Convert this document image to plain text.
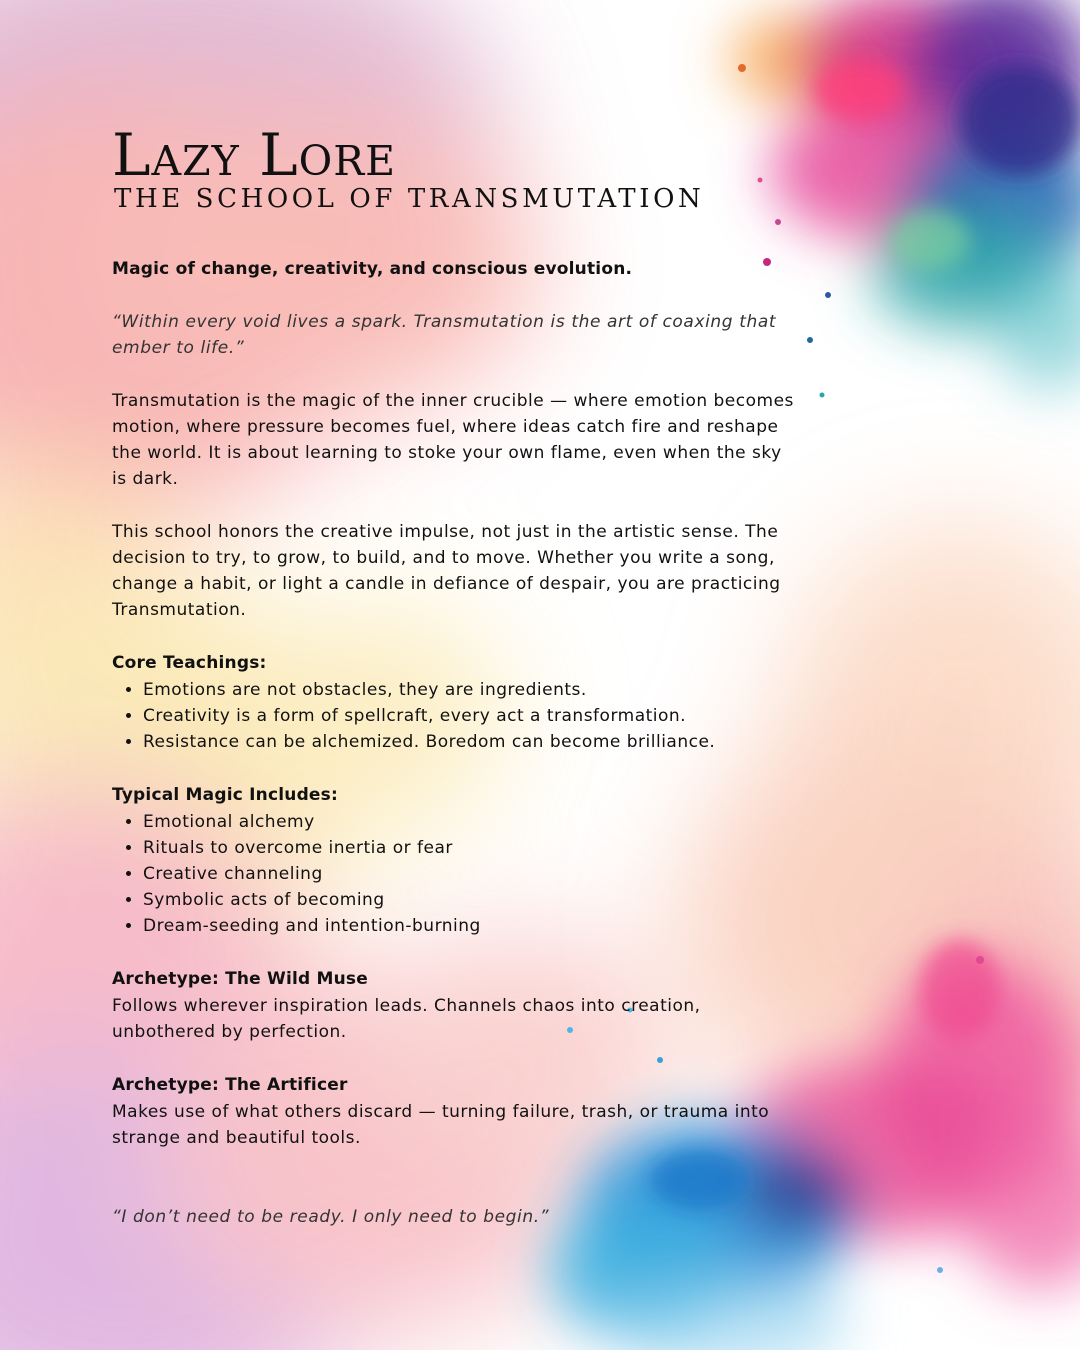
Lazy Lore
THE SCHOOL OF TRANSMUTATION

Magic of change, creativity, and conscious evolution.

“Within every void lives a spark. Transmutation is the art of coaxing that ember to life.”

Transmutation is the magic of the inner crucible — where emotion becomes motion, where pressure becomes fuel, where ideas catch fire and reshape the world. It is about learning to stoke your own flame, even when the sky is dark.

This school honors the creative impulse, not just in the artistic sense. The decision to try, to grow, to build, and to move. Whether you write a song, change a habit, or light a candle in defiance of despair, you are practicing Transmutation.

Core Teachings:
• Emotions are not obstacles, they are ingredients.
• Creativity is a form of spellcraft, every act a transformation.
• Resistance can be alchemized. Boredom can become brilliance.
Typical Magic Includes:
• Emotional alchemy
• Rituals to overcome inertia or fear
• Creative channeling
• Symbolic acts of becoming
• Dream-seeding and intention-burning
Archetype: The Wild Muse
Follows wherever inspiration leads. Channels chaos into creation, unbothered by perfection.
Archetype: The Artificer
Makes use of what others discard — turning failure, trash, or trauma into strange and beautiful tools.

“I don’t need to be ready. I only need to begin.”
